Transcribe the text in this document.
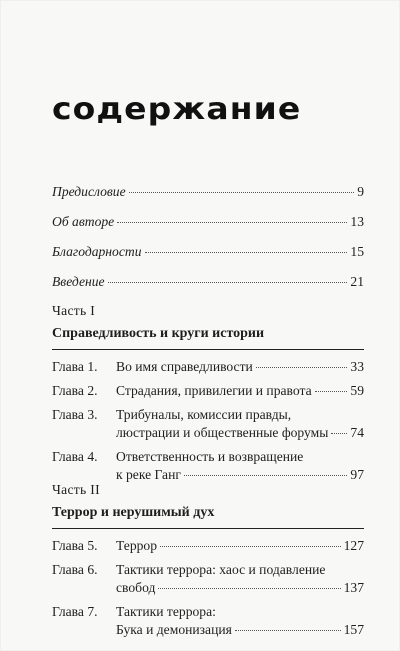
содержание
Предисловие	9
Об авторе	13
Благодарности	15
Введение	21
Часть I
Справедливость и круги истории
Глава 1.	Во имя справедливости	33
Глава 2.	Страдания, привилегии и правота	59
Глава 3.	Трибуналы, комиссии правды,
люстрации и общественные форумы 74
Глава 4.	Ответственность и возвращение
к реке Ганг	97
Часть II
Террор и нерушимый дух
Глава 5.	Террор	127
Глава 6.	Тактики террора: хаос и подавление
свобод	137
Глава 7.	Тактики террора:
Бука и демонизация	157
